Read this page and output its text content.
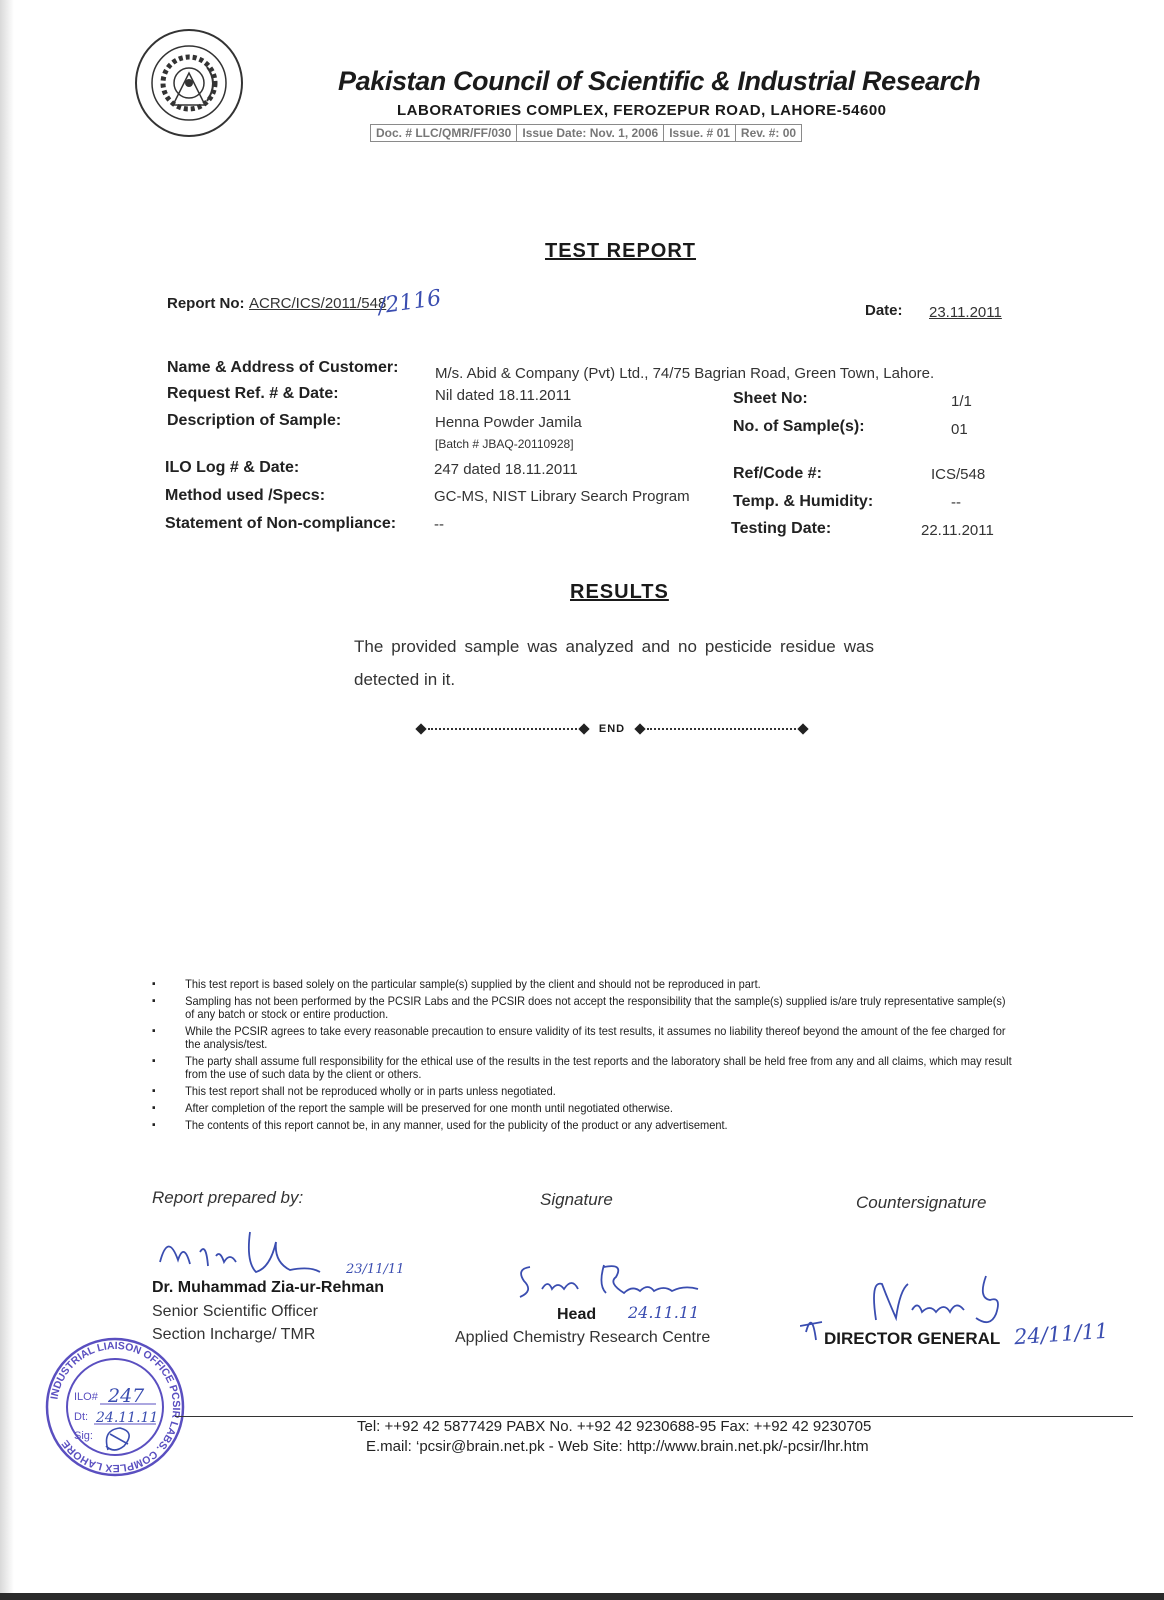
Pakistan Council of Scientific & Industrial Research
LABORATORIES COMPLEX, FEROZEPUR ROAD, LAHORE-54600
Doc. # LLC/QMR/FF/030 Issue Date: Nov. 1, 2006 Issue. # 01 Rev. #: 00
TEST REPORT
Report No: ACRC/ICS/2011/548
/2116	Date: 23.11.2011
Name & Address of Customer: M/s. Abid & Company (Pvt) Ltd., 74/75 Bagrian Road, Green Town, Lahore.
Request Ref. # & Date:	Nil dated 18.11.2011
Description of Sample:	Henna Powder Jamila
[Batch # JBAQ-20110928]
ILO Log # & Date:	247 dated 18.11.2011
Method used /Specs:	GC-MS, NIST Library Search Program
Statement of Non-compliance:	--
Sheet No:	1/1
No. of Sample(s):	01
Ref/Code #:	ICS/548
Temp. & Humidity:	--
Testing Date:	22.11.2011
RESULTS
The provided sample was analyzed and no pesticide residue was detected in it.
END
▪ This test report is based solely on the particular sample(s) supplied by the client and should not be reproduced in part.
▪ Sampling has not been performed by the PCSIR Labs and the PCSIR does not accept the responsibility that the sample(s) supplied is/are truly representative sample(s) of any batch or stock or entire production.
▪ While the PCSIR agrees to take every reasonable precaution to ensure validity of its test results, it assumes no liability thereof beyond the amount of the fee charged for the analysis/test.
▪ The party shall assume full responsibility for the ethical use of the results in the test reports and the laboratory shall be held free from any and all claims, which may result from the use of such data by the client or others.
▪ This test report shall not be reproduced wholly or in parts unless negotiated.
▪ After completion of the report the sample will be preserved for one month until negotiated otherwise.
▪ The contents of this report cannot be, in any manner, used for the publicity of the product or any advertisement.
Report prepared by:	Signature	Countersignature
23/11/11
Dr. Muhammad Zia-ur-Rehman
Senior Scientific Officer
Section Incharge/ TMR
Head 24.11.11
Applied Chemistry Research Centre	DIRECTOR GENERAL 24/11/11
INDUSTRIAL LIAISON OFFICE PCSIR LABS. COMPLEX LAHORE
ILO# 247
Dt: 24.11.11
Sig:
Tel: ++92 42 5877429 PABX No. ++92 42 9230688-95 Fax: ++92 42 9230705
E.mail: ‘pcsir@brain.net.pk - Web Site: http://www.brain.net.pk/-pcsir/lhr.htm
